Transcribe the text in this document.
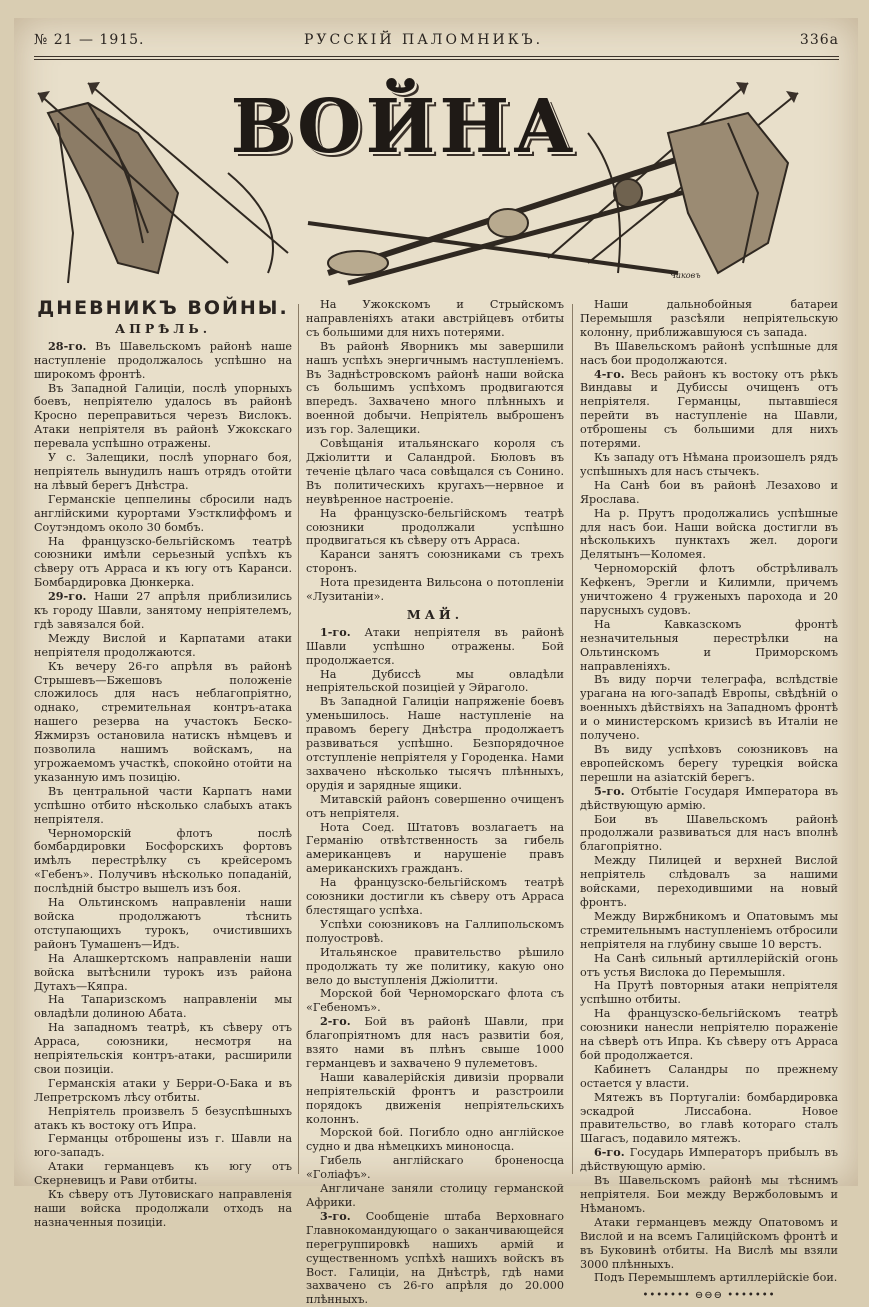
№ 21 — 1915.	РУССКІЙ ПАЛОМНИКЪ.	336а
ВОЙНА
Чаковъ
ДНЕВНИКЪ ВОЙНЫ.
АПРѢЛЬ.

28-го. Въ Шавельскомъ районѣ наше наступленіе продолжалось успѣшно на широкомъ фронтѣ.

Въ Западной Галиціи, послѣ упорныхъ боевъ, непріятелю удалось въ районѣ Кросно переправиться черезъ Вислокъ. Атаки непріятеля въ районѣ Ужокскаго перевала успѣшно отражены.

У с. Залещики, послѣ упорнаго боя, непріятель вынудилъ нашъ отрядъ отойти на лѣвый берегъ Днѣстра.

Германскіе цеппелины сбросили надъ англійскими курортами Уэстклиффомъ и Соутэндомъ около 30 бомбъ.

На французско-бельгійскомъ театрѣ союзники имѣли серьезный успѣхъ къ сѣверу отъ Арраса и къ югу отъ Каранси. Бомбардировка Дюнкерка.

29-го. Наши 27 апрѣля приблизились къ городу Шавли, занятому непріятелемъ, гдѣ завязался бой.

Между Вислой и Карпатами атаки непріятеля продолжаются.

Къ вечеру 26-го апрѣля въ районѣ Стрышевъ—Бжешовъ положеніе сложилось для насъ неблагопріятно, однако, стремительная контръ-атака нашего резерва на участокъ Беско-Яжмирзъ остановила натискъ нѣмцевъ и позволила нашимъ войскамъ, на угрожаемомъ участкѣ, спокойно отойти на указанную имъ позицію.

Въ центральной части Карпатъ нами успѣшно отбито нѣсколько слабыхъ атакъ непріятеля.

Черноморскій флотъ послѣ бомбардировки Босфорскихъ фортовъ имѣлъ перестрѣлку съ крейсеромъ «Гебенъ». Получивъ нѣсколько попаданій, послѣдній быстро вышелъ изъ боя.

На Ольтинскомъ направленіи наши войска продолжаютъ тѣснить отступающихъ турокъ, очистившихъ районъ Тумашенъ—Идъ.

На Алашкертскомъ направленіи наши войска вытѣснили турокъ изъ района Дутахъ—Кяпра.

На Тапаризскомъ направленіи мы овладѣли долиною Абата.

На западномъ театрѣ, къ сѣверу отъ Арраса, союзники, несмотря на непріятельскія контръ-атаки, расширили свои позиціи.

Германскія атаки у Берри-О-Бака и въ Лепретрскомъ лѣсу отбиты.

Непріятель произвелъ 5 безуспѣшныхъ атакъ къ востоку отъ Ипра.

Германцы отброшены изъ г. Шавли на юго-западъ.

Атаки германцевъ къ югу отъ Скерневицъ и Рави отбиты.

Къ сѣверу отъ Лутовискаго направленія наши войска продолжали отходъ на назначенныя позиціи.

На Ужокскомъ и Стрыйскомъ направленіяхъ атаки австрійцевъ отбиты съ большими для нихъ потерями.

Въ районѣ Яворникъ мы завершили нашъ успѣхъ энергичнымъ наступленіемъ. Въ Заднѣстровскомъ районѣ наши войска съ большимъ успѣхомъ продвигаются впередъ. Захвачено много плѣнныхъ и военной добычи. Непріятель выброшенъ изъ гор. Залещики.

Совѣщанія итальянскаго короля съ Джіолитти и Саландрой. Бюловъ въ теченіе цѣлаго часа совѣщался съ Сонино. Въ политическихъ кругахъ—нервное и неувѣренное настроеніе.

На французско-бельгійскомъ театрѣ союзники продолжали успѣшно продвигаться къ сѣверу отъ Арраса.

Каранси занятъ союзниками съ трехъ сторонъ.

Нота президента Вильсона о потопленіи «Лузитаніи».

МАЙ.

1-го. Атаки непріятеля въ районѣ Шавли успѣшно отражены. Бой продолжается.

На Дубиссѣ мы овладѣли непріятельской позиціей у Эйраголо.

Въ Западной Галиціи напряженіе боевъ уменьшилось. Наше наступленіе на правомъ берегу Днѣстра продолжаетъ развиваться успѣшно. Безпорядочное отступленіе непріятеля у Городенка. Нами захвачено нѣсколько тысячъ плѣнныхъ, орудія и зарядные ящики.

Митавскій районъ совершенно очищенъ отъ непріятеля.

Нота Соед. Штатовъ возлагаетъ на Германію отвѣтственность за гибель американцевъ и нарушеніе правъ американскихъ гражданъ.

На французско-бельгійскомъ театрѣ союзники достигли къ сѣверу отъ Арраса блестящаго успѣха.

Успѣхи союзниковъ на Галлипольскомъ полуостровѣ.

Итальянское правительство рѣшило продолжать ту же политику, какую оно вело до выступленія Джіолитти.

Морской бой Черноморскаго флота съ «Гебеномъ».

2-го. Бой въ районѣ Шавли, при благопріятномъ для насъ развитіи боя, взято нами въ плѣнъ свыше 1000 германцевъ и захвачено 9 пулеметовъ.

Наши кавалерійскія дивизіи прорвали непріятельскій фронтъ и разстроили порядокъ движенія непріятельскихъ колоннъ.

Морской бой. Погибло одно англійское судно и два нѣмецкихъ миноносца.

Гибель англійскаго броненосца «Голіафъ».

Англичане заняли столицу германской Африки.

3-го. Сообщеніе штаба Верховнаго Главнокомандующаго о заканчивающейся перегруппировкѣ нашихъ армій и существенномъ успѣхѣ нашихъ войскъ въ Вост. Галиціи, на Днѣстрѣ, гдѣ нами захвачено съ 26-го апрѣля до 20.000 плѣнныхъ.

Наши дальнобойныя батареи Перемышля разсѣяли непріятельскую колонну, приближавшуюся съ запада.

Въ Шавельскомъ районѣ успѣшные для насъ бои продолжаются.

4-го. Весь районъ къ востоку отъ рѣкъ Виндавы и Дубиссы очищенъ отъ непріятеля. Германцы, пытавшіеся перейти въ наступленіе на Шавли, отброшены съ большими для нихъ потерями.

Къ западу отъ Нѣмана произошелъ рядъ успѣшныхъ для насъ стычекъ.

На Санѣ бои въ районѣ Лезахово и Ярослава.

На р. Прутъ продолжались успѣшные для насъ бои. Наши войска достигли въ нѣсколькихъ пунктахъ жел. дороги Делятынъ—Коломея.

Черноморскій флотъ обстрѣливалъ Кефкенъ, Эрегли и Килимли, причемъ уничтожено 4 груженыхъ парохода и 20 парусныхъ судовъ.

На Кавказскомъ фронтѣ незначительныя перестрѣлки на Ольтинскомъ и Приморскомъ направленіяхъ.

Въ виду порчи телеграфа, вслѣдствіе урагана на юго-западѣ Европы, свѣдѣній о военныхъ дѣйствіяхъ на Западномъ фронтѣ и о министерскомъ кризисѣ въ Италіи не получено.

Въ виду успѣховъ союзниковъ на европейскомъ берегу турецкія войска перешли на азіатскій берегъ.

5-го. Отбытіе Государя Императора въ дѣйствующую армію.

Бои въ Шавельскомъ районѣ продолжали развиваться для насъ вполнѣ благопріятно.

Между Пилицей и верхней Вислой непріятель слѣдовалъ за нашими войсками, переходившими на новый фронтъ.

Между Виржбникомъ и Опатовымъ мы стремительнымъ наступленіемъ отбросили непріятеля на глубину свыше 10 верстъ.

На Санѣ сильный артиллерійскій огонь отъ устья Вислока до Перемышля.

На Прутѣ повторныя атаки непріятеля успѣшно отбиты.

На французско-бельгійскомъ театрѣ союзники нанесли непріятелю пораженіе на сѣверѣ отъ Ипра. Къ сѣверу отъ Арраса бой продолжается.

Кабинетъ Саландры по прежнему остается у власти.

Мятежъ въ Португаліи: бомбардировка эскадрой Лиссабона. Новое правительство, во главѣ котораго сталъ Шагасъ, подавило мятежъ.

6-го. Государь Императоръ прибылъ въ дѣйствующую армію.

Въ Шавельскомъ районѣ мы тѣснимъ непріятеля. Бои между Вержболовымъ и Нѣманомъ.

Атаки германцевъ между Опатовомъ и Вислой и на всемъ Галиційскомъ фронтѣ и въ Буковинѣ отбиты. На Вислѣ мы взяли 3000 плѣнныхъ.

Подъ Перемышлемъ артиллерійскіе бои.

••••••• ⊖⊖⊖ •••••••
